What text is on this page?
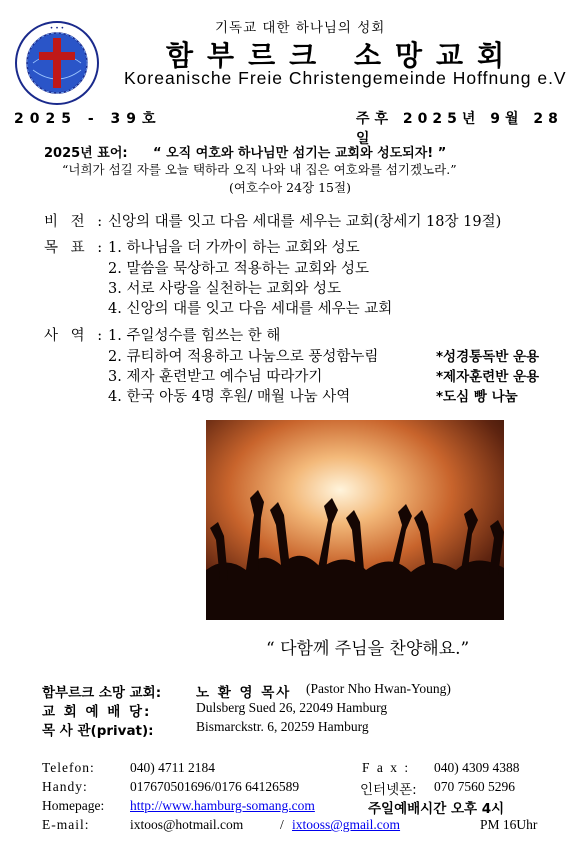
• • •	기독교 대한 하나님의 성회
함부르크 소망교회
Koreanische Freie Christengemeinde Hoffnung e.V
2025 - 39호	주후 2025년 9월 28일
2025년 표어: “ 오직 여호와 하나님만 섬기는 교회와 성도되자! ”
“너희가 섬길 자를 오늘 택하라 오직 나와 내 집은 여호와를 섬기겠노라.”
(여호수아 24장 15절)
비 전 : 신앙의 대를 잇고 다음 세대를 세우는 교회(창세기 18장 19절)
목 표 : 1. 하나님을 더 가까이 하는 교회와 성도
2. 말씀을 묵상하고 적용하는 교회와 성도
3. 서로 사랑을 실천하는 교회와 성도
4. 신앙의 대를 잇고 다음 세대를 세우는 교회
사 역 : 1. 주일성수를 힘쓰는 한 해
2. 큐티하여 적용하고 나눔으로 풍성함누림	*성경통독반 운용
3. 제자 훈련받고 예수님 따라가기	*제자훈련반 운용
4. 한국 아동 4명 후원/ 매월 나눔 사역	*도심 빵 나눔
“ 다함께 주님을 찬양해요.”
함부르크 소망 교회:	노 환 영 목사 (Pastor Nho Hwan-Young)
교 회 예 배 당:	Dulsberg Sued 26, 22049 Hamburg
목 사 관(privat):	Bismarckstr. 6, 20259 Hamburg
Telefon:	040) 4711 2184	F a x : 040) 4309 4388
Handy:	017670501696/0176 64126589	인터넷폰: 070 7560 5296
Homepage: http://www.hamburg-somang.com	주일예배시간 오후 4시
E-mail:	ixtoos@hotmail.com	/ ixtooss@gmail.com	PM 16Uhr
